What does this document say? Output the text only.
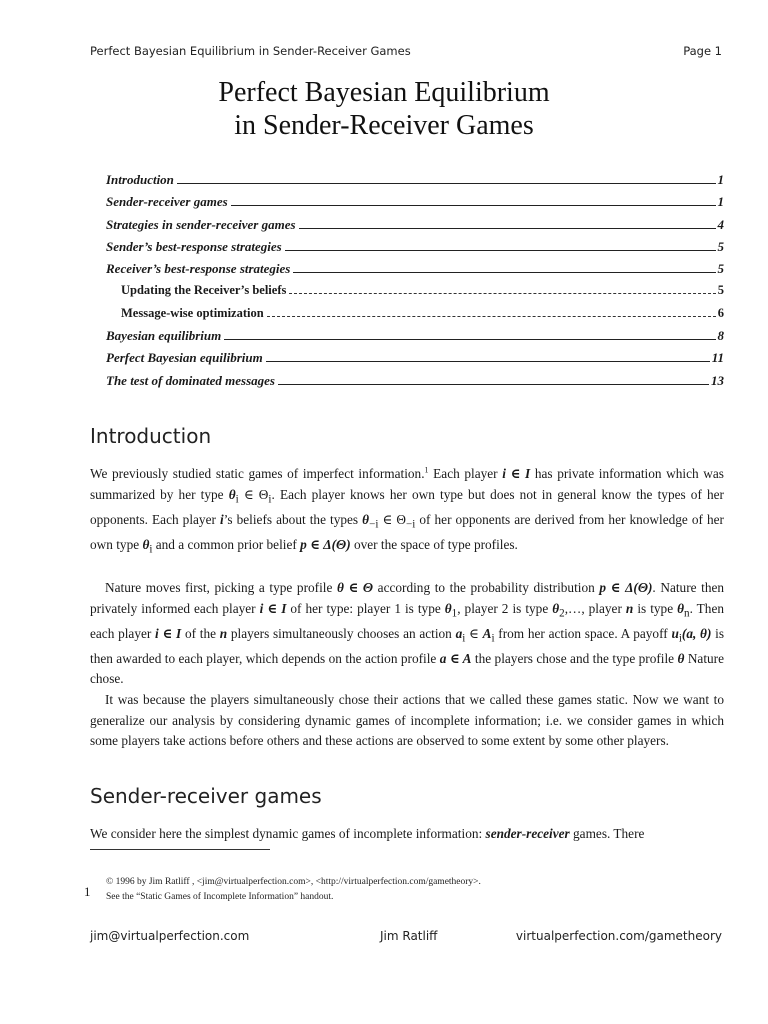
Perfect Bayesian Equilibrium in Sender-Receiver Games	Page 1
Perfect Bayesian Equilibrium
in Sender-Receiver Games
Introduction	1
Sender-receiver games	1
Strategies in sender-receiver games	4
Sender’s best-response strategies	5
Receiver’s best-response strategies	5
Updating the Receiver’s beliefs	5
Message-wise optimization	6
Bayesian equilibrium	8
Perfect Bayesian equilibrium	11
The test of dominated messages	13
Introduction
We previously studied static games of imperfect information.$^1$ Each player i ∈ I has private information which was summarized by her type $\theta_i$ ∈ $\Theta_i$. Each player knows her own type but does not in general know the types of her opponents. Each player i’s beliefs about the types $\theta_{-i}$ ∈ $\Theta_{-i}$ of her opponents are derived from her knowledge of her own type $\theta_i$ and a common prior belief p ∈ Δ(Θ) over the space of type profiles.
Nature moves first, picking a type profile θ ∈ Θ according to the probability distribution p ∈ Δ(Θ). Nature then privately informed each player i ∈ I of her type: player 1 is type $\theta_1$, player 2 is type $\theta_2,\dots$, player n is type $\theta_n$. Then each player i ∈ I of the n players simultaneously chooses an action $a_i$ ∈ $A_i$ from her action space. A payoff $u_i(a$, θ) is then awarded to each player, which depends on the action profile a ∈ A the players chose and the type profile θ Nature chose.
It was because the players simultaneously chose their actions that we called these games static. Now we want to generalize our analysis by considering dynamic games of incomplete information; i.e. we consider games in which some players take actions before others and these actions are observed to some extent by some other players.
Sender-receiver games
We consider here the simplest dynamic games of incomplete information: sender-receiver games. There
© 1996 by Jim Ratliff , <jim@virtualperfection.com>, <http://virtualperfection.com/gametheory>.
1 See the “Static Games of Incomplete Information” handout.
jim@virtualperfection.com	Jim Ratliff	virtualperfection.com/gametheory
